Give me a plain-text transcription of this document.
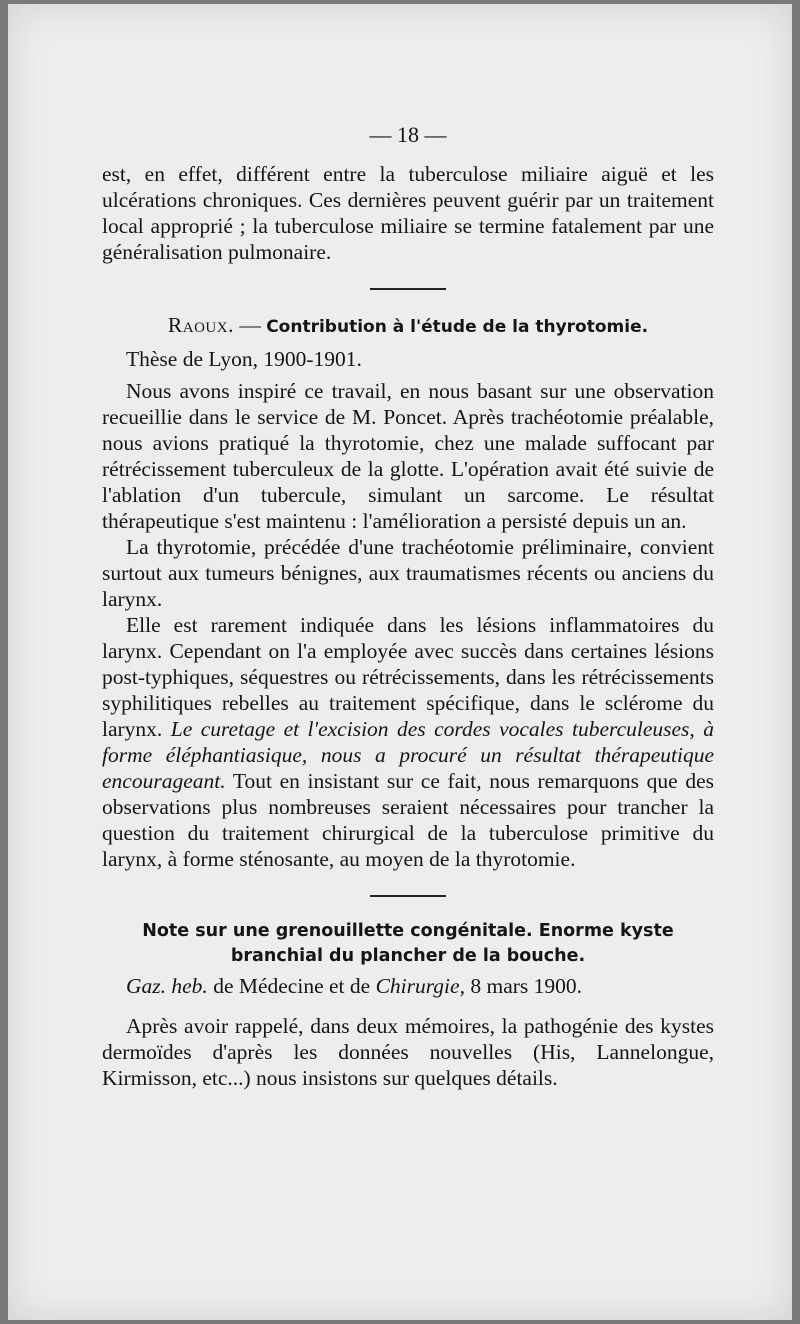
— 18 —

est, en effet, différent entre la tuberculose miliaire aiguë et les ulcérations chroniques. Ces dernières peuvent guérir par un traitement local approprié ; la tuberculose miliaire se termine fatalement par une généralisation pulmonaire.

Raoux. — Contribution à l'étude de la thyrotomie.

Thèse de Lyon, 1900-1901.

Nous avons inspiré ce travail, en nous basant sur une observation recueillie dans le service de M. Poncet. Après trachéotomie préalable, nous avions pratiqué la thyrotomie, chez une malade suffocant par rétrécissement tuberculeux de la glotte. L'opération avait été suivie de l'ablation d'un tubercule, simulant un sarcome. Le résultat thérapeutique s'est maintenu : l'amélioration a persisté depuis un an.

La thyrotomie, précédée d'une trachéotomie préliminaire, convient surtout aux tumeurs bénignes, aux traumatismes récents ou anciens du larynx.

Elle est rarement indiquée dans les lésions inflammatoires du larynx. Cependant on l'a employée avec succès dans certaines lésions post-typhiques, séquestres ou rétrécissements, dans les rétrécissements syphilitiques rebelles au traitement spécifique, dans le sclérome du larynx. Le curetage et l'excision des cordes vocales tuberculeuses, à forme éléphantiasique, nous a procuré un résultat thérapeutique encourageant. Tout en insistant sur ce fait, nous remarquons que des observations plus nombreuses seraient nécessaires pour trancher la question du traitement chirurgical de la tuberculose primitive du larynx, à forme sténosante, au moyen de la thyrotomie.

Note sur une grenouillette congénitale. Enorme kyste branchial du plancher de la bouche.

Gaz. heb. de Médecine et de Chirurgie, 8 mars 1900.

Après avoir rappelé, dans deux mémoires, la pathogénie des kystes dermoïdes d'après les données nouvelles (His, Lannelongue, Kirmisson, etc...) nous insistons sur quelques détails.
